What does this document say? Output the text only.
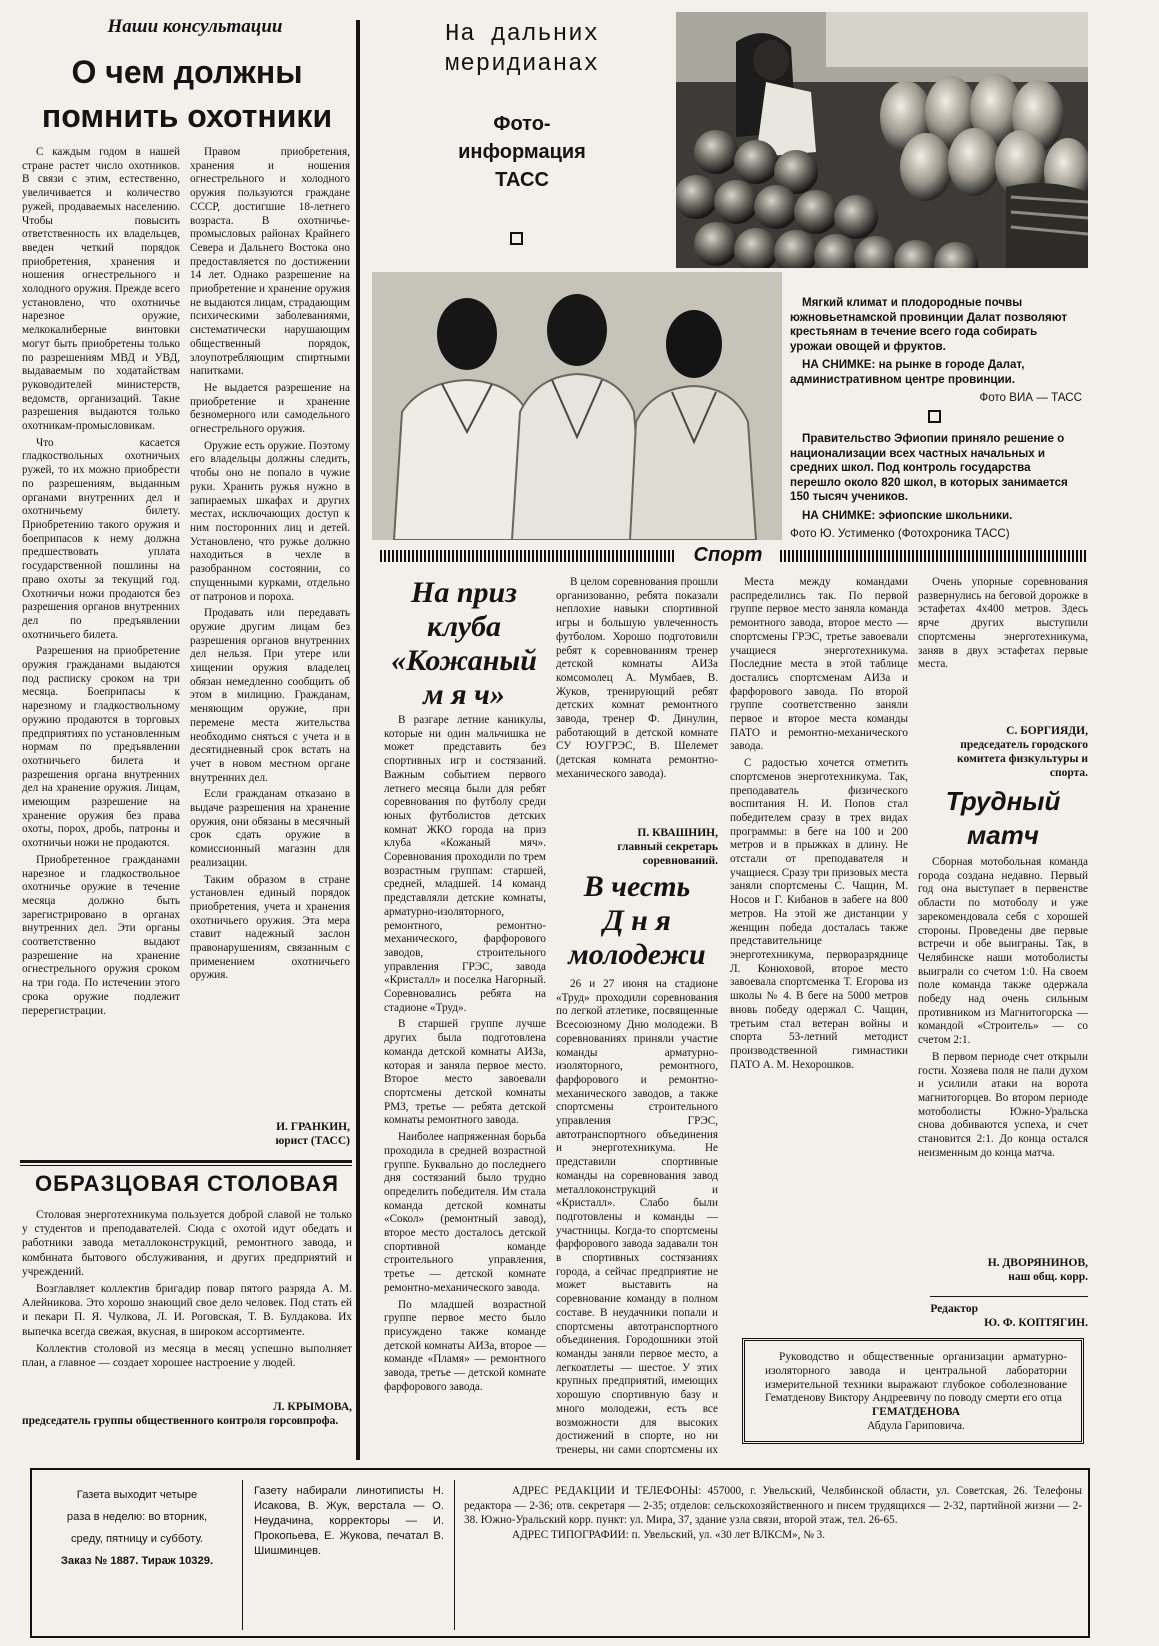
Наши консультации
О чем должны
помнить охотники

С каждым годом в нашей стране растет число охотников. В связи с этим, естественно, увеличивается и количество ружей, продаваемых населению. Чтобы повысить ответственность их владельцев, введен четкий порядок приобретения, хранения и ношения огнестрельного и холодного оружия. Прежде всего установлено, что охотничье нарезное оружие, мелкокалиберные винтовки могут быть приобретены только по разрешениям МВД и УВД, выдаваемым по ходатайствам руководителей министерств, ведомств, организаций. Такие разрешения выдаются только охотникам-промысловикам.

Что касается гладкоствольных охотничьих ружей, то их можно приобрести по разрешениям, выданным органами внутренних дел и охотничьему билету. Приобретению такого оружия и боеприпасов к нему должна предшествовать уплата государственной пошлины на право охоты за текущий год. Охотничьи ножи продаются без разрешения органов внутренних дел по предъявлении охотничьего билета.

Разрешения на приобретение оружия гражданами выдаются под расписку сроком на три месяца. Боеприпасы к нарезному и гладкоствольному оружию продаются в торговых предприятиях по установленным нормам по предъявлении охотничьего билета и разрешения органа внутренних дел на хранение оружия. Лицам, имеющим разрешение на хранение оружия без права охоты, порох, дробь, патроны и охотничьи ножи не продаются.

Приобретенное гражданами нарезное и гладкоствольное охотничье оружие в течение месяца должно быть зарегистрировано в органах внутренних дел. Эти органы соответственно выдают разрешение на хранение огнестрельного оружия сроком на три года. По истечении этого срока оружие подлежит перерегистрации.

Правом приобретения, хранения и ношения огнестрельного и холодного оружия пользуются граждане СССР, достигшие 18-летнего возраста. В охотничье-промысловых районах Крайнего Севера и Дальнего Востока оно предоставляется по достижении 14 лет. Однако разрешение на приобретение и хранение оружия не выдаются лицам, страдающим психическими заболеваниями, систематически нарушающим общественный порядок, злоупотребляющим спиртными напитками.

Не выдается разрешение на приобретение и хранение безномерного или самодельного огнестрельного оружия.

Оружие есть оружие. Поэтому его владельцы должны следить, чтобы оно не попало в чужие руки. Хранить ружья нужно в запираемых шкафах и других местах, исключающих доступ к ним посторонних лиц и детей. Установлено, что ружье должно находиться в чехле в разобранном состоянии, со спущенными курками, отдельно от патронов и пороха.

Продавать или передавать оружие другим лицам без разрешения органов внутренних дел нельзя. При утере или хищении оружия владелец обязан немедленно сообщить об этом в милицию. Гражданам, меняющим оружие, при перемене места жительства необходимо сняться с учета и в десятидневный срок встать на учет в новом местном органе внутренних дел.

Если гражданам отказано в выдаче разрешения на хранение оружия, они обязаны в месячный срок сдать оружие в комиссионный магазин для реализации.

Таким образом в стране установлен единый порядок приобретения, учета и хранения охотничьего оружия. Эта мера ставит надежный заслон правонарушениям, связанным с применением охотничьего оружия.

И. ГРАНКИН,
юрист (ТАСС)
ОБРАЗЦОВАЯ СТОЛОВАЯ

Столовая энерготехникума пользуется доброй славой не только у студентов и преподавателей. Сюда с охотой идут обедать и работники завода металлоконструкций, ремонтного завода, и комбината бытового обслуживания, и других предприятий и учреждений.

Возглавляет коллектив бригадир повар пятого разряда А. М. Алейникова. Это хорошо знающий свое дело человек. Под стать ей и пекари П. Я. Чулкова, Л. И. Роговская, Т. В. Булдакова. Их выпечка всегда свежая, вкусная, в широком ассортименте.

Коллектив столовой из месяца в месяц успешно выполняет план, а главное — создает хорошее настроение у людей.

Л. КРЫМОВА,
председатель группы общественного контроля горсовпрофа.
На дальних
меридианах
Фото-
информация
ТАСС

Мягкий климат и плодородные почвы южновьетнамской провинции Далат позволяют крестьянам в течение всего года собирать урожаи овощей и фруктов.

НА СНИМКЕ: на рынке в городе Далат, административном центре провинции.

Фото ВИА — ТАСС

Правительство Эфиопии приняло решение о национализации всех частных начальных и средних школ. Под контроль государства перешло около 820 школ, в которых занимается 150 тысяч учеников.

НА СНИМКЕ: эфиопские школьники.

Фото Ю. Устименко (Фотохроника ТАСС)

Спорт
На приз
клуба
«Кожаный
м я ч»

В разгаре летние каникулы, которые ни один мальчишка не может представить без спортивных игр и состязаний. Важным событием первого летнего месяца были для ребят соревнования по футболу среди юных футболистов детских комнат ЖКО города на приз клуба «Кожаный мяч». Соревнования проходили по трем возрастным группам: старшей, средней, младшей. 14 команд представляли детские комнаты, арматурно-изоляторного, ремонтного, ремонтно-механического, фарфорового заводов, строительного управления ГРЭС, завода «Кристалл» и поселка Нагорный. Соревновались ребята на стадионе «Труд».

В старшей группе лучше других была подготовлена команда детской комнаты АИЗа, которая и заняла первое место. Второе место завоевали спортсмены детской комнаты РМЗ, третье — ребята детской комнаты ремонтного завода.

Наиболее напряженная борьба проходила в средней возрастной группе. Буквально до последнего дня состязаний было трудно определить победителя. Им стала команда детской комнаты «Сокол» (ремонтный завод), второе место досталось детской спортивной команде строительного управления, третье — детской комнате ремонтно-механического завода.

По младшей возрастной группе первое место было присуждено также команде детской комнаты АИЗа, второе — команде «Пламя» — ремонтного завода, третье — детской комнате фарфорового завода.

В целом соревнования прошли организованно, ребята показали неплохие навыки спортивной игры и большую увлеченность футболом. Хорошо подготовили ребят к соревнованиям тренер детской комнаты АИЗа комсомолец А. Мумбаев, В. Жуков, тренирующий ребят детских комнат ремонтного завода, тренер Ф. Динулин, работающий в детской комнате СУ ЮУГРЭС, В. Шелемет (детская комната ремонтно-механического завода).

П. КВАШНИН,
главный секретарь соревнований.
В честь
Д н я
молодежи

26 и 27 июня на стадионе «Труд» проходили соревнования по легкой атлетике, посвященные Всесоюзному Дню молодежи. В соревнованиях приняли участие команды арматурно-изоляторного, ремонтного, фарфорового и ремонтно-механического заводов, а также спортсмены строительного управления ГРЭС, автотранспортного объединения и энерготехникума. Не представили спортивные команды на соревнования завод металлоконструкций и «Кристалл». Слабо были подготовлены и команды — участницы. Когда-то спортсмены фарфорового завода задавали тон в спортивных состязаниях города, а сейчас предприятие не может выставить на соревнование команду в полном составе. В неудачники попали и спортсмены автотранспортного объединения. Городошники этой команды заняли первое место, а легкоатлеты — шестое. У этих крупных предприятий, имеющих хорошую спортивную базу и много молодежи, есть все возможности для высоких достижений в спорте, но ни тренеры, ни сами спортсмены их

Места между командами распределились так. По первой группе первое место заняла команда ремонтного завода, второе место — спортсмены ГРЭС, третье завоевали учащиеся энерготехникума. Последние места в этой таблице достались спортсменам АИЗа и фарфорового завода. По второй группе соответственно заняли первое и второе места команды ПАТО и ремонтно-механического завода.

С радостью хочется отметить спортсменов энерготехникума. Так, преподаватель физического воспитания Н. И. Попов стал победителем сразу в трех видах программы: в беге на 100 и 200 метров и в прыжках в длину. Не отстали от преподавателя и учащиеся. Сразу три призовых места заняли спортсмены С. Чащин, М. Носов и Г. Кибанов в забеге на 800 метров. На этой же дистанции у женщин победа досталась также представительнице энерготехникума, перворазряднице Л. Конюховой, второе место завоевала спортсменка Т. Егорова из школы № 4. В беге на 5000 метров вновь победу одержал С. Чащин, третьим стал ветеран войны и спорта 53-летний методист производственной гимнастики ПАТО А. М. Нехорошков.

Очень упорные соревнования развернулись на беговой дорожке в эстафетах 4х400 метров. Здесь ярче других выступили спортсмены энерготехникума, заняв в двух эстафетах первые места.

С. БОРГИЯДИ,
председатель городского комитета физкультуры и спорта.
Трудный
матч

Сборная мотобольная команда города создана недавно. Первый год она выступает в первенстве области по мотоболу и уже зарекомендовала себя с хорошей стороны. Проведены две первые встречи и обе выиграны. Так, в Челябинске наши мотоболисты выиграли со счетом 1:0. На своем поле команда также одержала победу над очень сильным противником из Магнитогорска — командой «Строитель» — со счетом 2:1.

В первом периоде счет открыли гости. Хозяева поля не пали духом и усилили атаки на ворота магнитогорцев. Во втором периоде мотоболисты Южно-Уральска снова добиваются успеха, и счет становится 2:1. До конца остался неизменным до конца матча.

Н. ДВОРЯНИНОВ,
наш общ. корр.
Редактор
Ю. Ф. КОПТЯГИН.
Руководство и общественные организации арматурно-изоляторного завода и центральной лаборатории измерительной техники выражают глубокое соболезнование Гематденову Виктору Андреевичу по поводу смерти его отца
ГЕМАТДЕНОВА
Абдула Гариповича.
Газета выходит четыре
раза в неделю: во вторник,
среду, пятницу и субботу.
Заказ № 1887. Тираж 10329.
Газету набирали линотиписты Н. Исакова, В. Жук, верстала — О. Неудачина, корректоры — И. Прокопьева, Е. Жукова, печатал В. Шишминцев.
АДРЕС РЕДАКЦИИ И ТЕЛЕФОНЫ: 457000, г. Увельский, Челябинской области, ул. Советская, 26. Телефоны редактора — 2-36; отв. секретаря — 2-35; отделов: сельскохозяйственного и писем трудящихся — 2-32, партийной жизни — 2-38. Южно-Уральский корр. пункт: ул. Мира, 37, здание узла связи, второй этаж, тел. 26-65.
АДРЕС ТИПОГРАФИИ: п. Увельский, ул. «30 лет ВЛКСМ», № 3.
